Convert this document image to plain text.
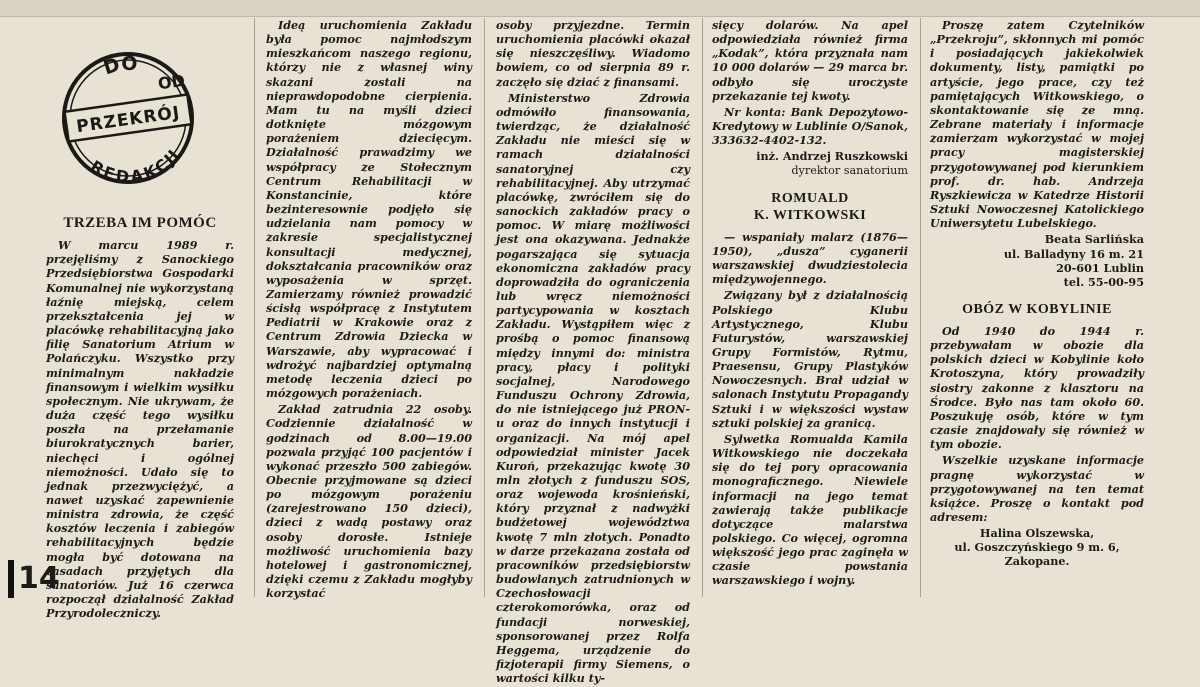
DO
OD
PRZEKRÓJ
REDAKCJI
TRZEBA IM POMÓC

W marcu 1989 r. przejęliśmy z Sanockiego Przedsiębiorstwa Gospodarki Komunalnej nie wykorzystaną łaźnię miejską, celem przekształcenia jej w placówkę rehabilitacyjną jako filię Sanatorium Atrium w Polańczyku. Wszystko przy minimalnym nakładzie finansowym i wielkim wysiłku społecznym. Nie ukrywam, że duża część tego wysiłku poszła na przełamanie biurokratycznych barier, niechęci i ogólnej niemożności. Udało się to jednak przezwyciężyć, a nawet uzyskać zapewnienie ministra zdrowia, że część kosztów leczenia i zabiegów rehabilitacyjnych będzie mogła być dotowana na zasadach przyjętych dla sanatoriów. Już 16 czerwca rozpoczął działalność Zakład Przyrodoleczniczy.

Ideą uruchomienia Zakładu była pomoc najmłodszym mieszkańcom naszego regionu, którzy nie z własnej winy skazani zostali na nieprawdopodobne cierpienia. Mam tu na myśli dzieci dotknięte mózgowym porażeniem dziecięcym. Działalność prawadzimy we współpracy ze Stołecznym Centrum Rehabilitacji w Konstancinie, które bezinteresownie podjęło się udzielania nam pomocy w zakresie specjalistycznej konsultacji medycznej, dokształcania pracowników oraz wyposażenia w sprzęt. Zamierzamy również prowadzić ścisłą współpracę z Instytutem Pediatrii w Krakowie oraz z Centrum Zdrowia Dziecka w Warszawie, aby wypracować i wdrożyć najbardziej optymalną metodę leczenia dzieci po mózgowych porażeniach.

Zakład zatrudnia 22 osoby. Codziennie działalność w godzinach od 8.00—19.00 pozwala przyjąć 100 pacjentów i wykonać przeszło 500 zabiegów. Obecnie przyjmowane są dzieci po mózgowym porażeniu (zarejestrowano 150 dzieci), dzieci z wadą postawy oraz osoby dorosłe. Istnieje możliwość uruchomienia bazy hotelowej i gastronomicznej, dzięki czemu z Zakładu mogłyby korzystać

osoby przyjezdne. Termin uruchomienia placówki okazał się nieszczęśliwy. Wiadomo bowiem, co od sierpnia 89 r. zaczęło się dziać z finansami.

Ministerstwo Zdrowia odmówiło finansowania, twierdząc, że działalność Zakładu nie mieści się w ramach działalności sanatoryjnej czy rehabilitacyjnej. Aby utrzymać placówkę, zwróciłem się do sanockich zakładów pracy o pomoc. W miarę możliwości jest ona okazywana. Jednakże pogarszająca się sytuacja ekonomiczna zakładów pracy doprowadziła do ograniczenia lub wręcz niemożności partycypowania w kosztach Zakładu. Wystąpiłem więc z prośbą o pomoc finansową między innymi do: ministra pracy, płacy i polityki socjalnej, Narodowego Funduszu Ochrony Zdrowia, do nie istniejącego już PRON-u oraz do innych instytucji i organizacji. Na mój apel odpowiedział minister Jacek Kuroń, przekazując kwotę 30 mln złotych z funduszu SOS, oraz wojewoda krośnieński, który przyznał z nadwyżki budżetowej województwa kwotę 7 mln złotych. Ponadto w darze przekazana została od pracowników przedsiębiorstw budowlanych zatrudnionych w Czechosłowacji czterokomorówka, oraz od fundacji norweskiej, sponsorowanej przez Rolfa Heggema, urządzenie do fizjoterapii firmy Siemens, o wartości kilku ty-

sięcy dolarów. Na apel odpowiedziała również firma „Kodak”, która przyznała nam 10 000 dolarów — 29 marca br. odbyło się uroczyste przekazanie tej kwoty.

Nr konta: Bank Depozytowo-Kredytowy w Lublinie O/Sanok, 333632-4402-132.

inż. Andrzej Ruszkowski
dyrektor sanatorium
ROMUALD
K. WITKOWSKI

— wspaniały malarz (1876—1950), „dusza” cyganerii warszawskiej dwudziestolecia międzywojennego.

Związany był z działalnością Polskiego Klubu Artystycznego, Klubu Futurystów, warszawskiej Grupy Formistów, Rytmu, Praesensu, Grupy Plastyków Nowoczesnych. Brał udział w salonach Instytutu Propagandy Sztuki i w większości wystaw sztuki polskiej za granicą.

Sylwetka Romualda Kamila Witkowskiego nie doczekała się do tej pory opracowania monograficznego. Niewiele informacji na jego temat zawierają także publikacje dotyczące malarstwa polskiego. Co więcej, ogromna większość jego prac zaginęła w czasie powstania warszawskiego i wojny.

Proszę zatem Czytelników „Przekroju”, skłonnych mi pomóc i posiadających jakiekolwiek dokumenty, listy, pamiątki po artyście, jego prace, czy też pamiętających Witkowskiego, o skontaktowanie się ze mną. Zebrane materiały i informacje zamierzam wykorzystać w mojej pracy magisterskiej przygotowywanej pod kierunkiem prof. dr. hab. Andrzeja Ryszkiewicza w Katedrze Historii Sztuki Nowoczesnej Katolickiego Uniwersytetu Lubelskiego.

Beata Sarlińska
ul. Balladyny 16 m. 21
20-601 Lublin
tel. 55-00-95
OBÓZ W KOBYLINIE

Od 1940 do 1944 r. przebywałam w obozie dla polskich dzieci w Kobylinie koło Krotoszyna, który prowadziły siostry zakonne z klasztoru na Środce. Było nas tam około 60. Poszukuję osób, które w tym czasie znajdowały się również w tym obozie.

Wszelkie uzyskane informacje pragnę wykorzystać w przygotowywanej na ten temat książce. Proszę o kontakt pod adresem:

Halina Olszewska,
ul. Goszczyńskiego 9 m. 6,
Zakopane.
14
